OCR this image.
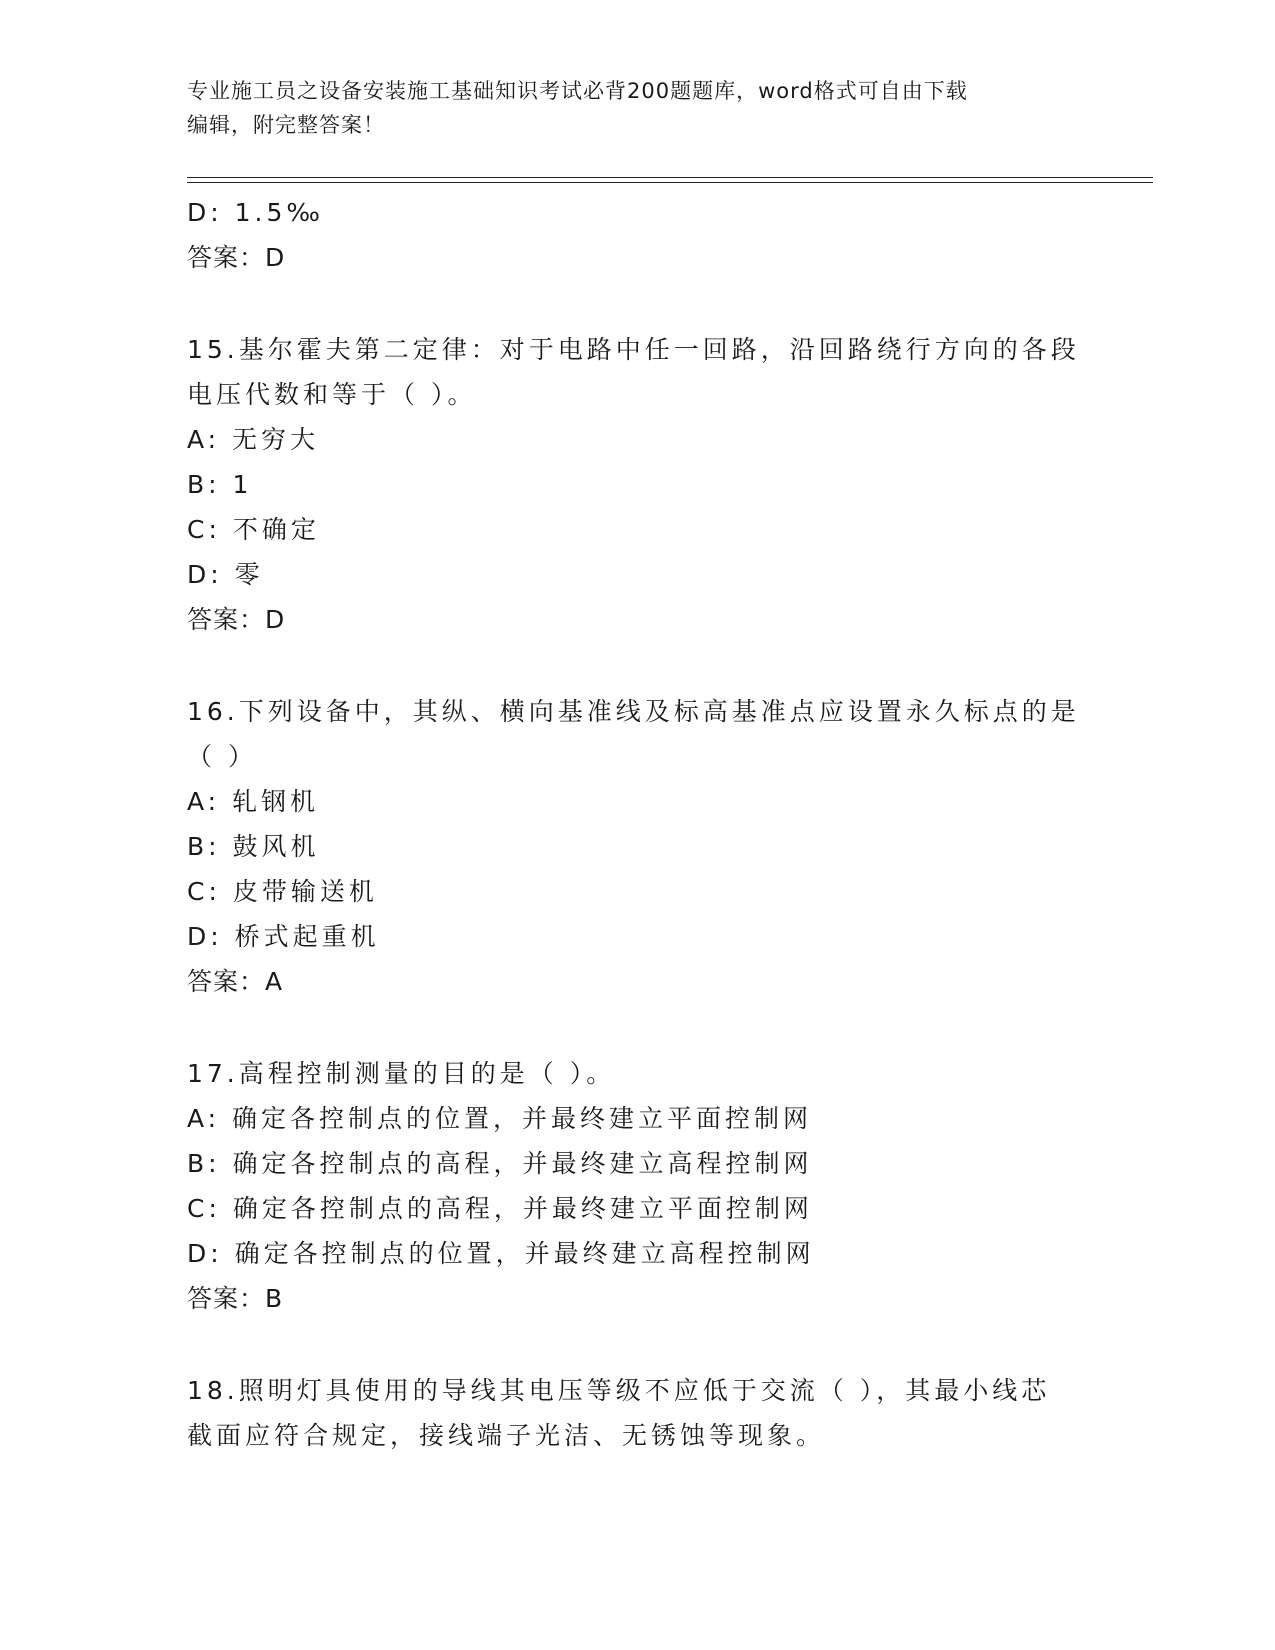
专业施工员之设备安装施工基础知识考试必背200题题库，word格式可自由下载
编辑，附完整答案！
D: 1.5‰
答案：D
15.基尔霍夫第二定律：对于电路中任一回路，沿回路绕行方向的各段
电压代数和等于（ ）。
A: 无穷大
B: 1
C: 不确定
D: 零
答案：D
16.下列设备中，其纵、横向基准线及标高基准点应设置永久标点的是
（ ）
A: 轧钢机
B: 鼓风机
C: 皮带输送机
D: 桥式起重机
答案：A
17.高程控制测量的目的是（ ）。
A: 确定各控制点的位置，并最终建立平面控制网
B: 确定各控制点的高程，并最终建立高程控制网
C: 确定各控制点的高程，并最终建立平面控制网
D: 确定各控制点的位置，并最终建立高程控制网
答案：B
18.照明灯具使用的导线其电压等级不应低于交流（ ），其最小线芯
截面应符合规定，接线端子光洁、无锈蚀等现象。
